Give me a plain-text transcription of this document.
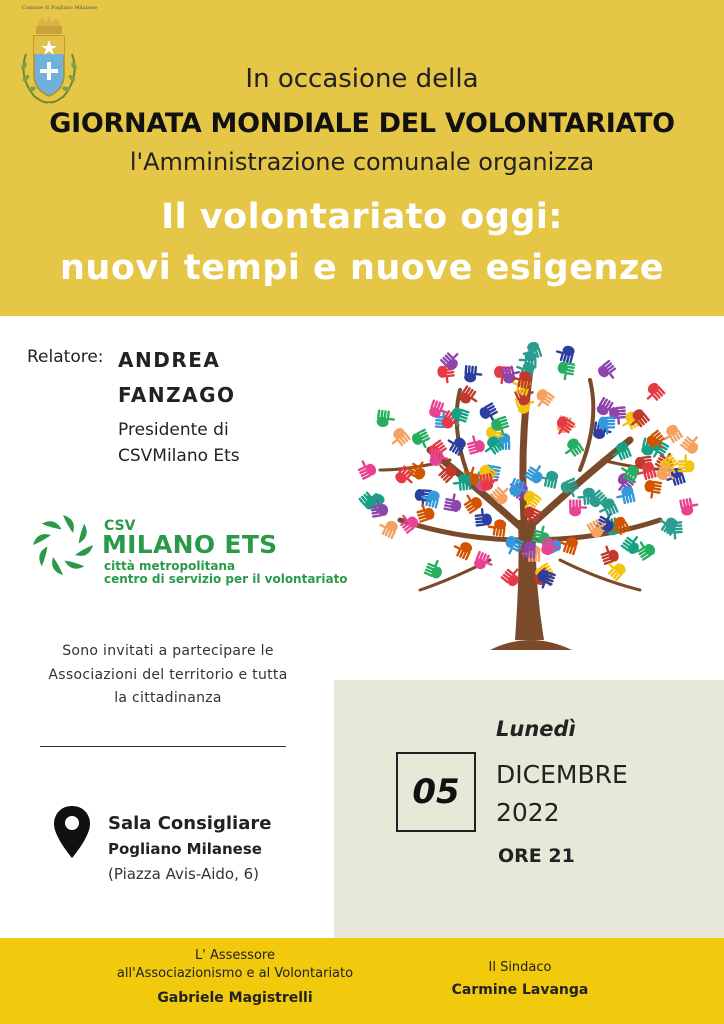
Comune di Pogliano Milanese
In occasione della
GIORNATA MONDIALE DEL VOLONTARIATO
l'Amministrazione comunale organizza
Il volontariato oggi:
nuovi tempi e nuove esigenze
Relatore: ANDREA
FANZAGO
Presidente di
CSVMilano Ets
CSV
MILANO ETS
città metropolitana
centro di servizio per il volontariato
Sono invitati a partecipare le
Associazioni del territorio e tutta
la cittadinanza
Sala Consigliare
Pogliano Milanese
(Piazza Avis-Aido, 6)
Lunedì
05 DICEMBRE
2022
ORE 21
L' Assessore
all'Associazionismo e al Volontariato
Gabriele Magistrelli
Il Sindaco
Carmine Lavanga
